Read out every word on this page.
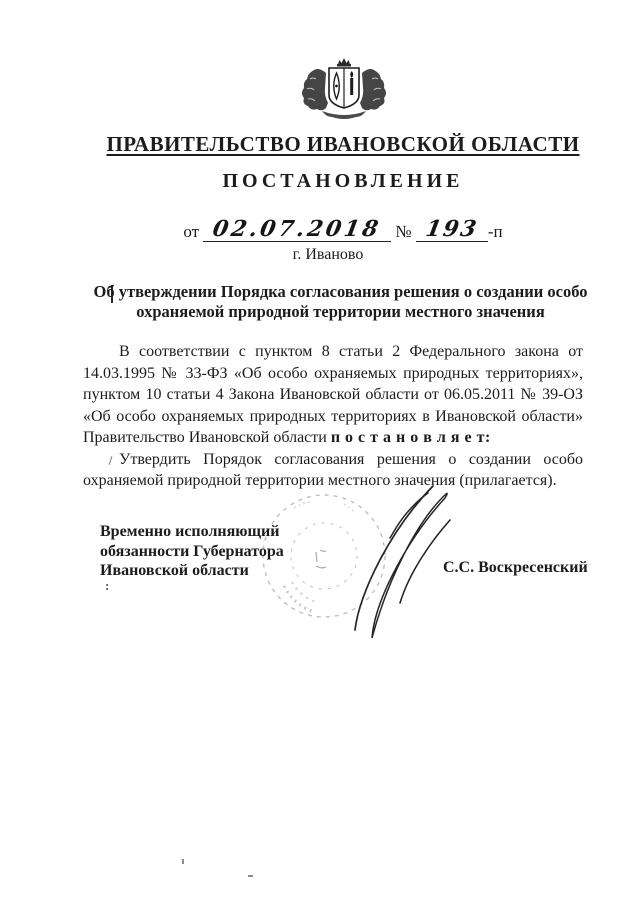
ПРАВИТЕЛЬСТВО ИВАНОВСКОЙ ОБЛАСТИ
ПОСТАНОВЛЕНИЕ
от 02.07.2018 № 193 -п
г. Иваново
Об утверждении Порядка согласования решения о создании особо
охраняемой природной территории местного значения

В соответствии с пунктом 8 статьи 2 Федерального закона от 14.03.1995 № 33-ФЗ «Об особо охраняемых природных территориях», пунктом 10 статьи 4 Закона Ивановской области от 06.05.2011 № 39-ОЗ «Об особо охраняемых природных территориях в Ивановской области» Правительство Ивановской области п о с т а н о в л я е т:

Утвердить Порядок согласования решения о создании особо охраняемой природной территории местного значения (прилагается).

Временно исполняющий
обязанности Губернатора
Ивановской области	С.С. Воскресенский
:
